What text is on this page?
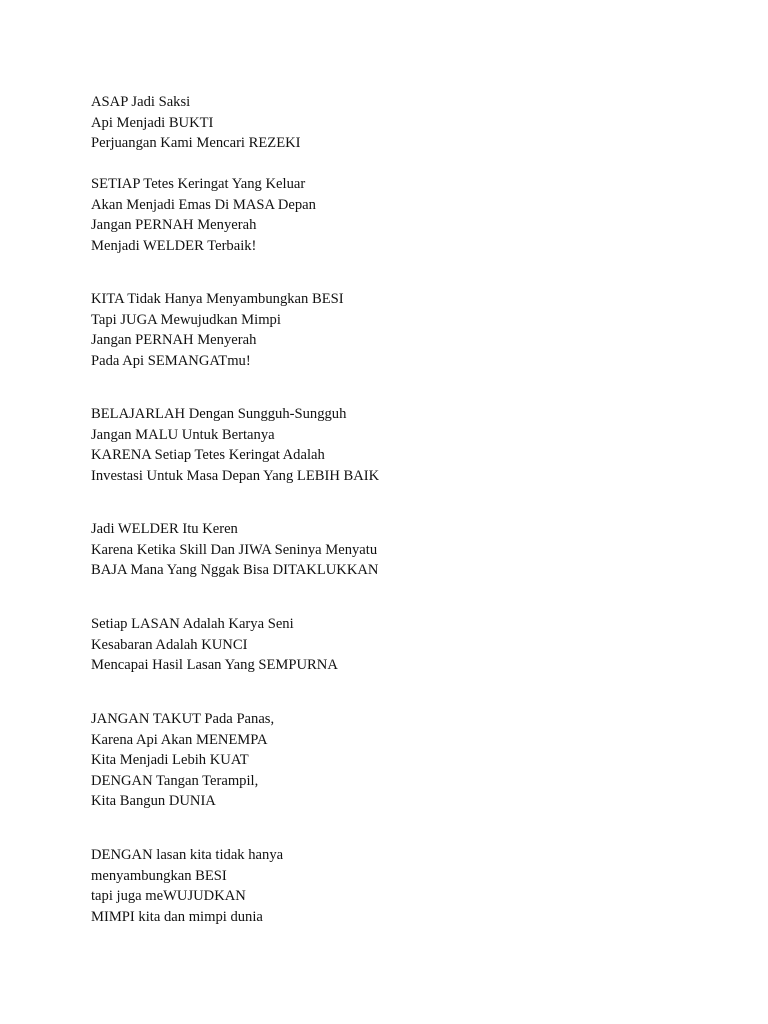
ASAP Jadi Saksi
Api Menjadi BUKTI
Perjuangan Kami Mencari REZEKI

SETIAP Tetes Keringat Yang Keluar
Akan Menjadi Emas Di MASA Depan
Jangan PERNAH Menyerah
Menjadi WELDER Terbaik!

KITA Tidak Hanya Menyambungkan BESI
Tapi JUGA Mewujudkan Mimpi
Jangan PERNAH Menyerah
Pada Api SEMANGATmu!

BELAJARLAH Dengan Sungguh-Sungguh
Jangan MALU Untuk Bertanya
KARENA Setiap Tetes Keringat Adalah
Investasi Untuk Masa Depan Yang LEBIH BAIK

Jadi WELDER Itu Keren
Karena Ketika Skill Dan JIWA Seninya Menyatu
BAJA Mana Yang Nggak Bisa DITAKLUKKAN

Setiap LASAN Adalah Karya Seni
Kesabaran Adalah KUNCI
Mencapai Hasil Lasan Yang SEMPURNA

JANGAN TAKUT Pada Panas,
Karena Api Akan MENEMPA
Kita Menjadi Lebih KUAT
DENGAN Tangan Terampil,
Kita Bangun DUNIA

DENGAN lasan kita tidak hanya
menyambungkan BESI
tapi juga meWUJUDKAN
MIMPI kita dan mimpi dunia
